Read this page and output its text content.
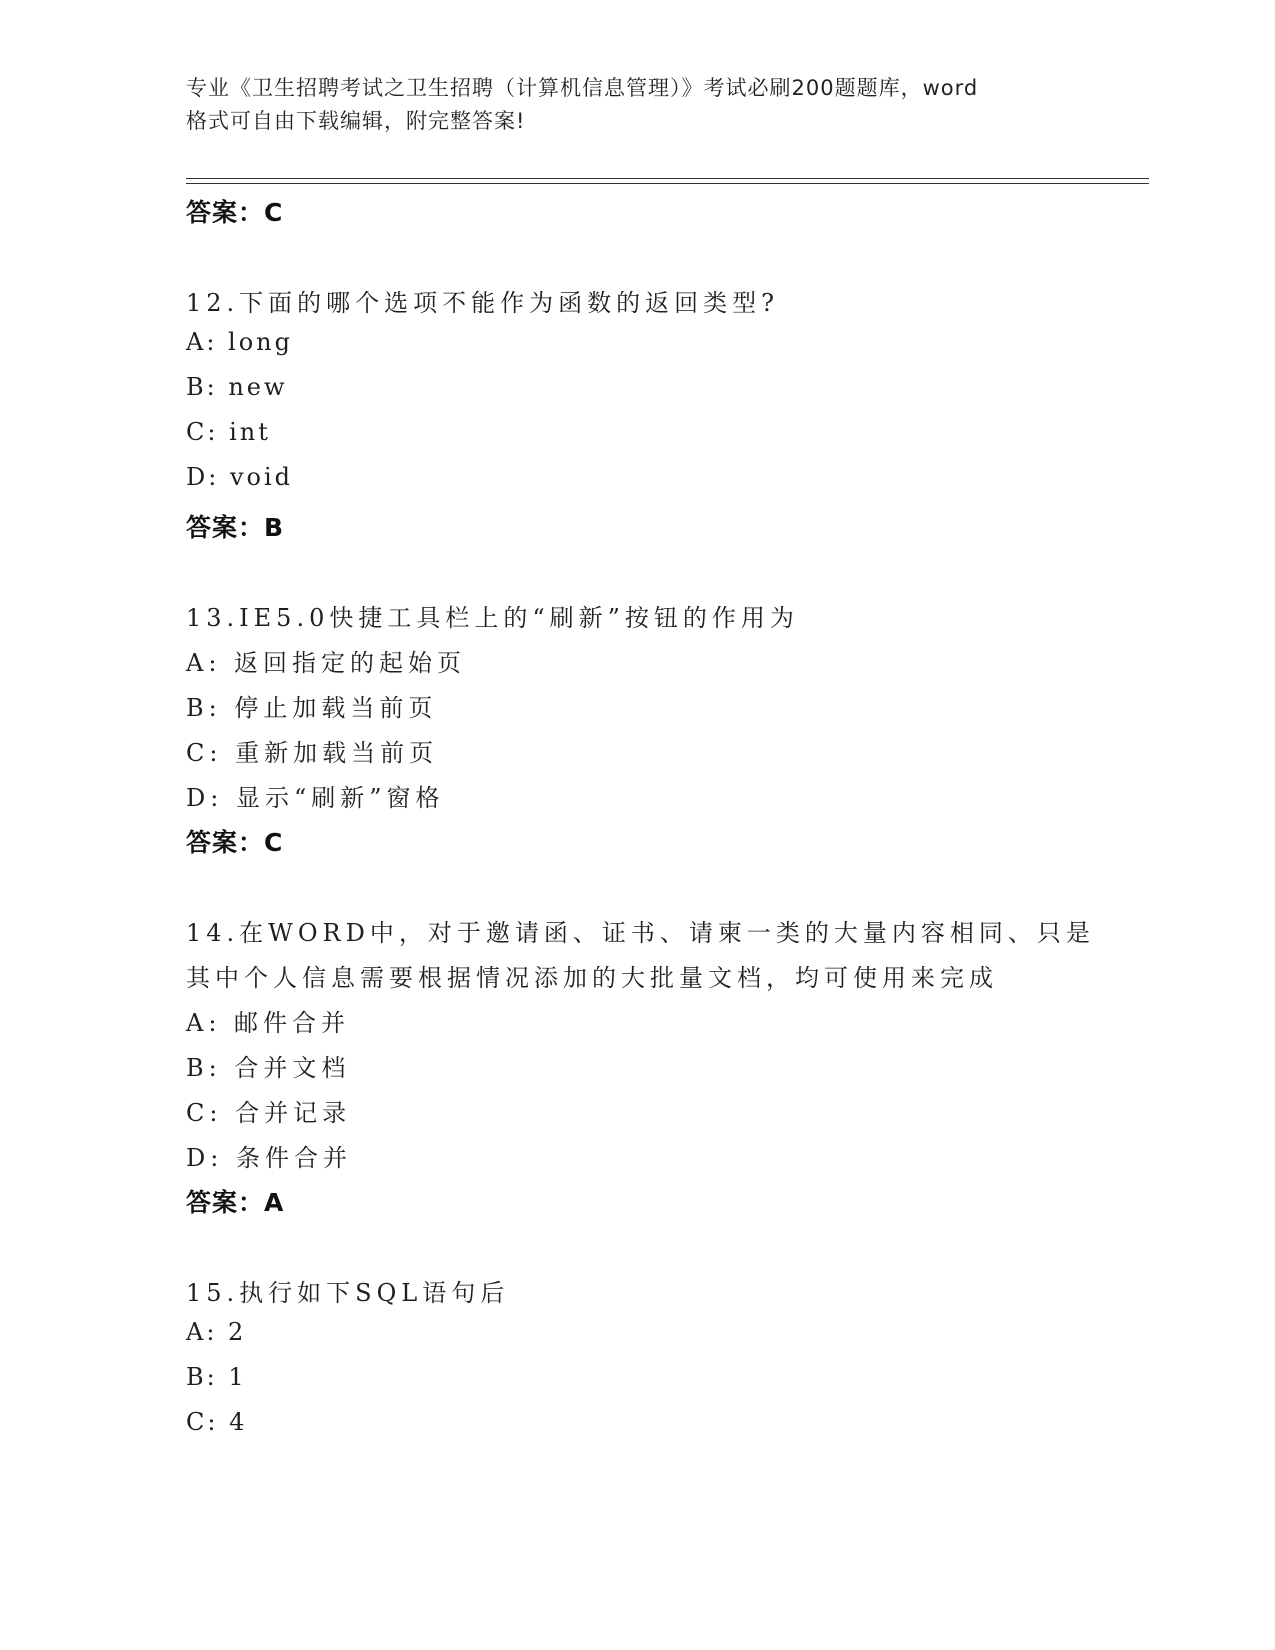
专业《卫生招聘考试之卫生招聘（计算机信息管理）》考试必刷200题题库，word
格式可自由下载编辑，附完整答案!
答案：C
12.下面的哪个选项不能作为函数的返回类型?
A: long
B: new
C: int
D: void
答案：B
13.IE5.0快捷工具栏上的“刷新”按钮的作用为
A: 返回指定的起始页
B: 停止加载当前页
C: 重新加载当前页
D: 显示“刷新”窗格
答案：C
14.在WORD中，对于邀请函、证书、请柬一类的大量内容相同、只是
其中个人信息需要根据情况添加的大批量文档，均可使用来完成
A: 邮件合并
B: 合并文档
C: 合并记录
D: 条件合并
答案：A
15.执行如下SQL语句后
A: 2
B: 1
C: 4
